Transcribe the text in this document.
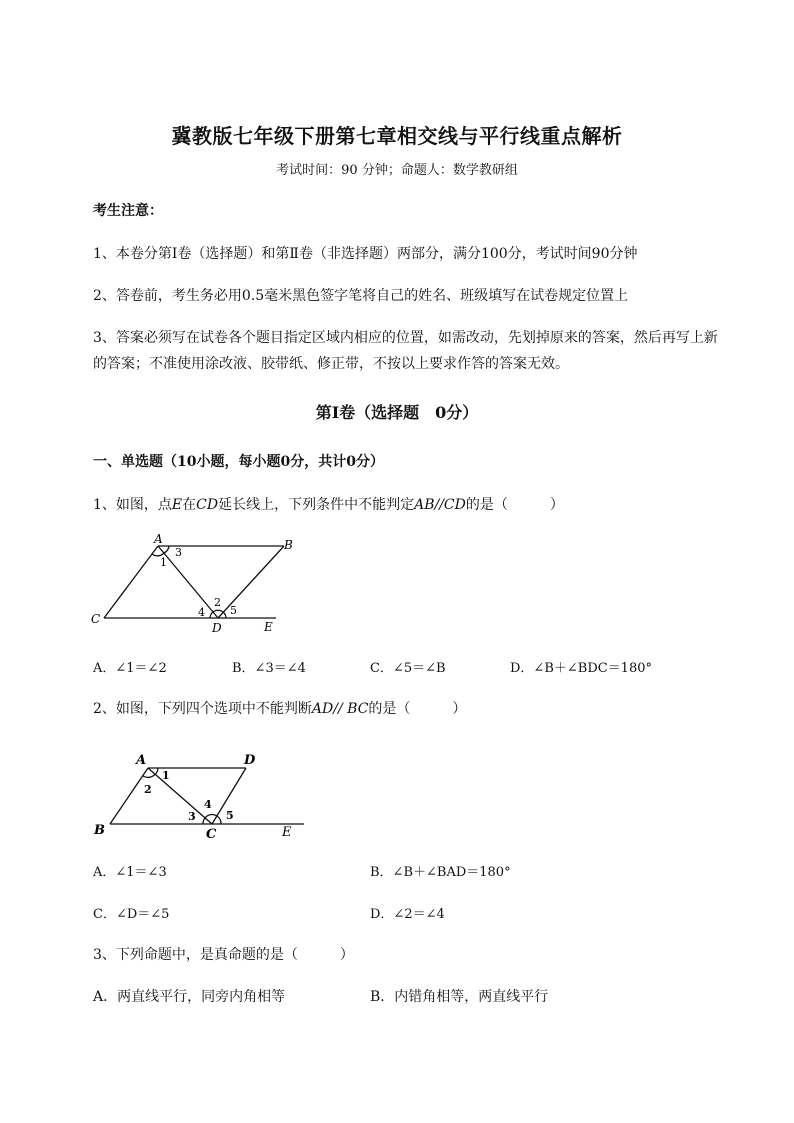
冀教版七年级下册第七章相交线与平行线重点解析
考试时间：90 分钟；命题人：数学教研组
考生注意：
1、本卷分第I卷（选择题）和第Ⅱ卷（非选择题）两部分，满分100分，考试时间90分钟
2、答卷前，考生务必用0.5毫米黑色签字笔将自己的姓名、班级填写在试卷规定位置上
3、答案必须写在试卷各个题目指定区域内相应的位置，如需改动，先划掉原来的答案，然后再写上新
的答案；不准使用涂改液、胶带纸、修正带，不按以上要求作答的答案无效。
第I卷（选择题　0分）
一、单选题（10小题，每小题0分，共计0分）
1、如图，点E在CD延长线上，下列条件中不能判定AB//CD的是（　　　）
A	B
C
D	E
1
2
3
4 5
A．∠1＝∠2	B．∠3＝∠4	C．∠5＝∠B	D．∠B＋∠BDC＝180°
2、如图，下列四个选项中不能判断AD// BC的是（　　　）
A	D
B	C	E
1
2
3
4
5
A．∠1＝∠3	B．∠B＋∠BAD＝180°
C．∠D＝∠5	D．∠2＝∠4
3、下列命题中，是真命题的是（　　　）
A．两直线平行，同旁内角相等	B．内错角相等，两直线平行
